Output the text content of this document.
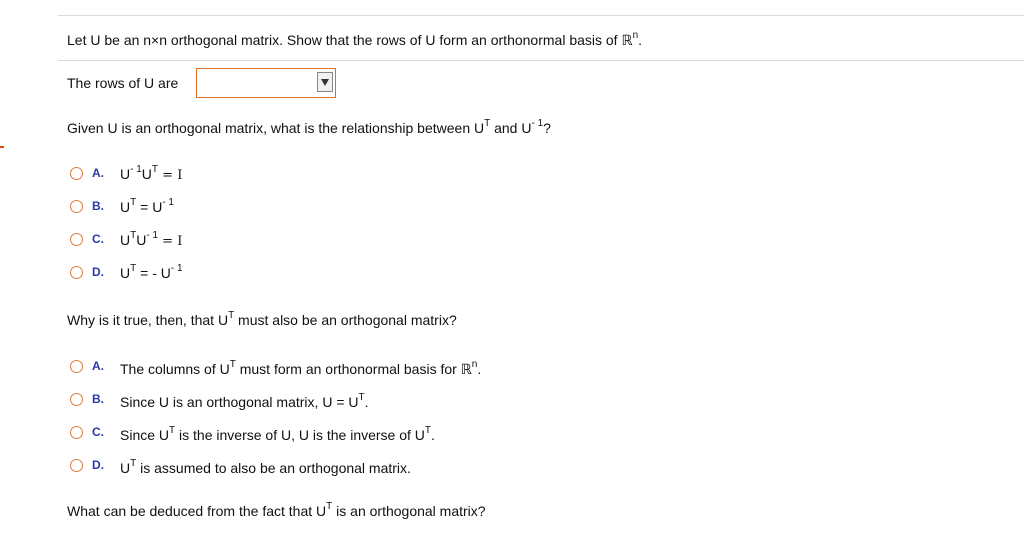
Let U be an n×n orthogonal matrix. Show that the rows of U form an orthonormal basis of ℝ$^n$.
The rows of U are
Given U is an orthogonal matrix, what is the relationship between $U^T$ and $U^{- 1}$?
A. $U^{- 1}U^T = I$
B. $U^T = U^{- 1}$
C. $U^TU^{- 1} = I$
D. $U^T$ = - $U^{- 1}$
Why is it true, then, that $U^T$ must also be an orthogonal matrix?
A. The columns of $U^T$ must form an orthonormal basis for ℝ$^n$.
B. Since U is an orthogonal matrix, $U = U^T$.
C. Since $U^T$ is the inverse of U, U is the inverse of $U^T$.
D. $U^T$ is assumed to also be an orthogonal matrix.
What can be deduced from the fact that $U^T$ is an orthogonal matrix?
